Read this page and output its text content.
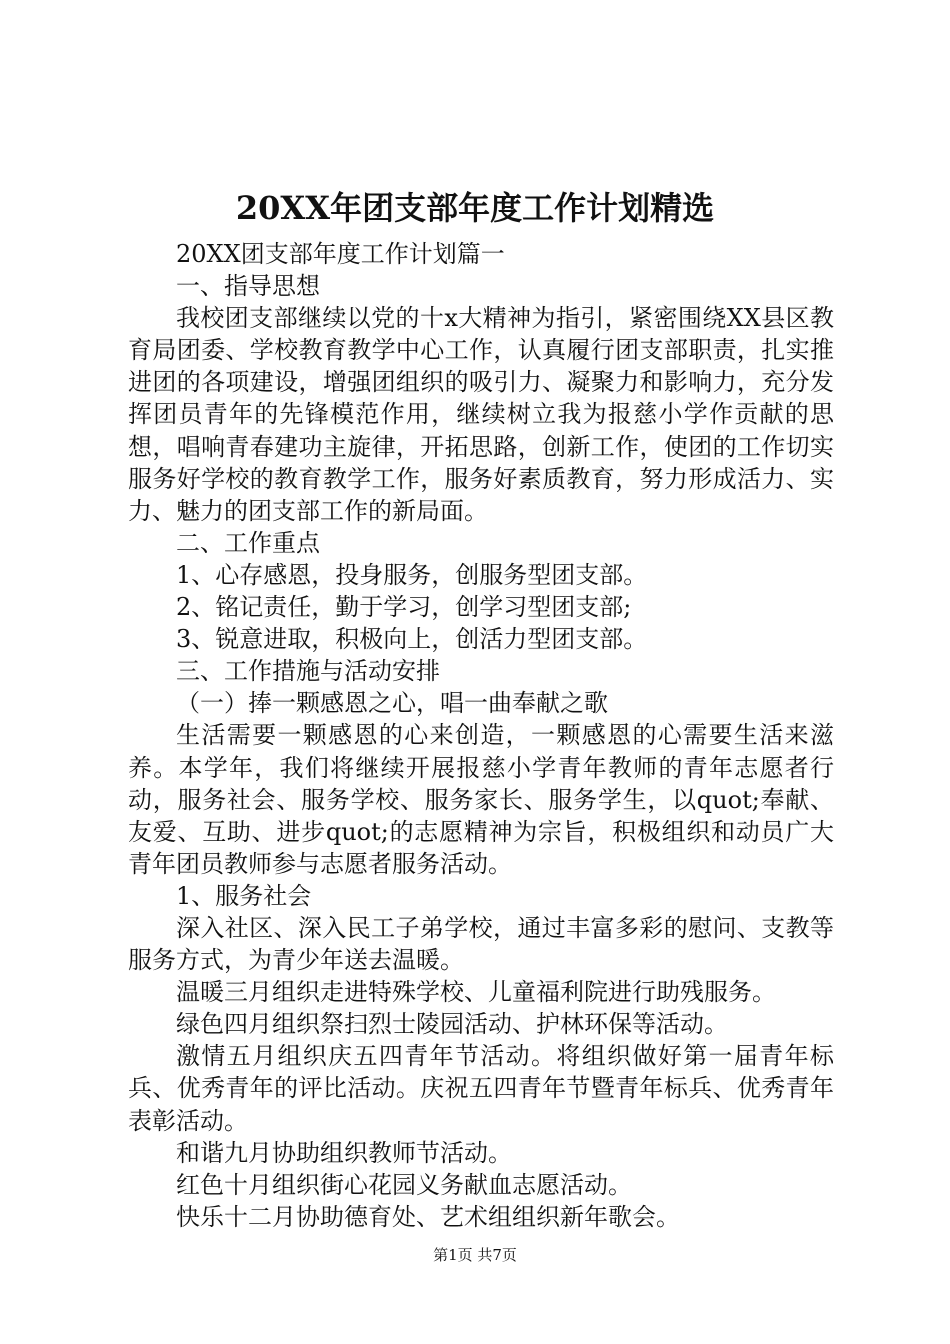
20XX年团支部年度工作计划精选

20XX团支部年度工作计划篇一

一、指导思想

我校团支部继续以党的十x大精神为指引，紧密围绕XX县区教育局团委、学校教育教学中心工作，认真履行团支部职责，扎实推进团的各项建设，增强团组织的吸引力、凝聚力和影响力，充分发挥团员青年的先锋模范作用，继续树立我为报慈小学作贡献的思想，唱响青春建功主旋律，开拓思路，创新工作，使团的工作切实服务好学校的教育教学工作，服务好素质教育，努力形成活力、实力、魅力的团支部工作的新局面。

二、工作重点

1、心存感恩，投身服务，创服务型团支部。

2、铭记责任，勤于学习，创学习型团支部;

3、锐意进取，积极向上，创活力型团支部。

三、工作措施与活动安排

（一）捧一颗感恩之心，唱一曲奉献之歌

生活需要一颗感恩的心来创造，一颗感恩的心需要生活来滋养。本学年，我们将继续开展报慈小学青年教师的青年志愿者行动，服务社会、服务学校、服务家长、服务学生，以quot;奉献、友爱、互助、进步quot;的志愿精神为宗旨，积极组织和动员广大青年团员教师参与志愿者服务活动。

1、服务社会

深入社区、深入民工子弟学校，通过丰富多彩的慰问、支教等服务方式，为青少年送去温暖。

温暖三月组织走进特殊学校、儿童福利院进行助残服务。

绿色四月组织祭扫烈士陵园活动、护林环保等活动。

激情五月组织庆五四青年节活动。将组织做好第一届青年标兵、优秀青年的评比活动。庆祝五四青年节暨青年标兵、优秀青年表彰活动。

和谐九月协助组织教师节活动。

红色十月组织街心花园义务献血志愿活动。

快乐十二月协助德育处、艺术组组织新年歌会。

第1页 共7页
